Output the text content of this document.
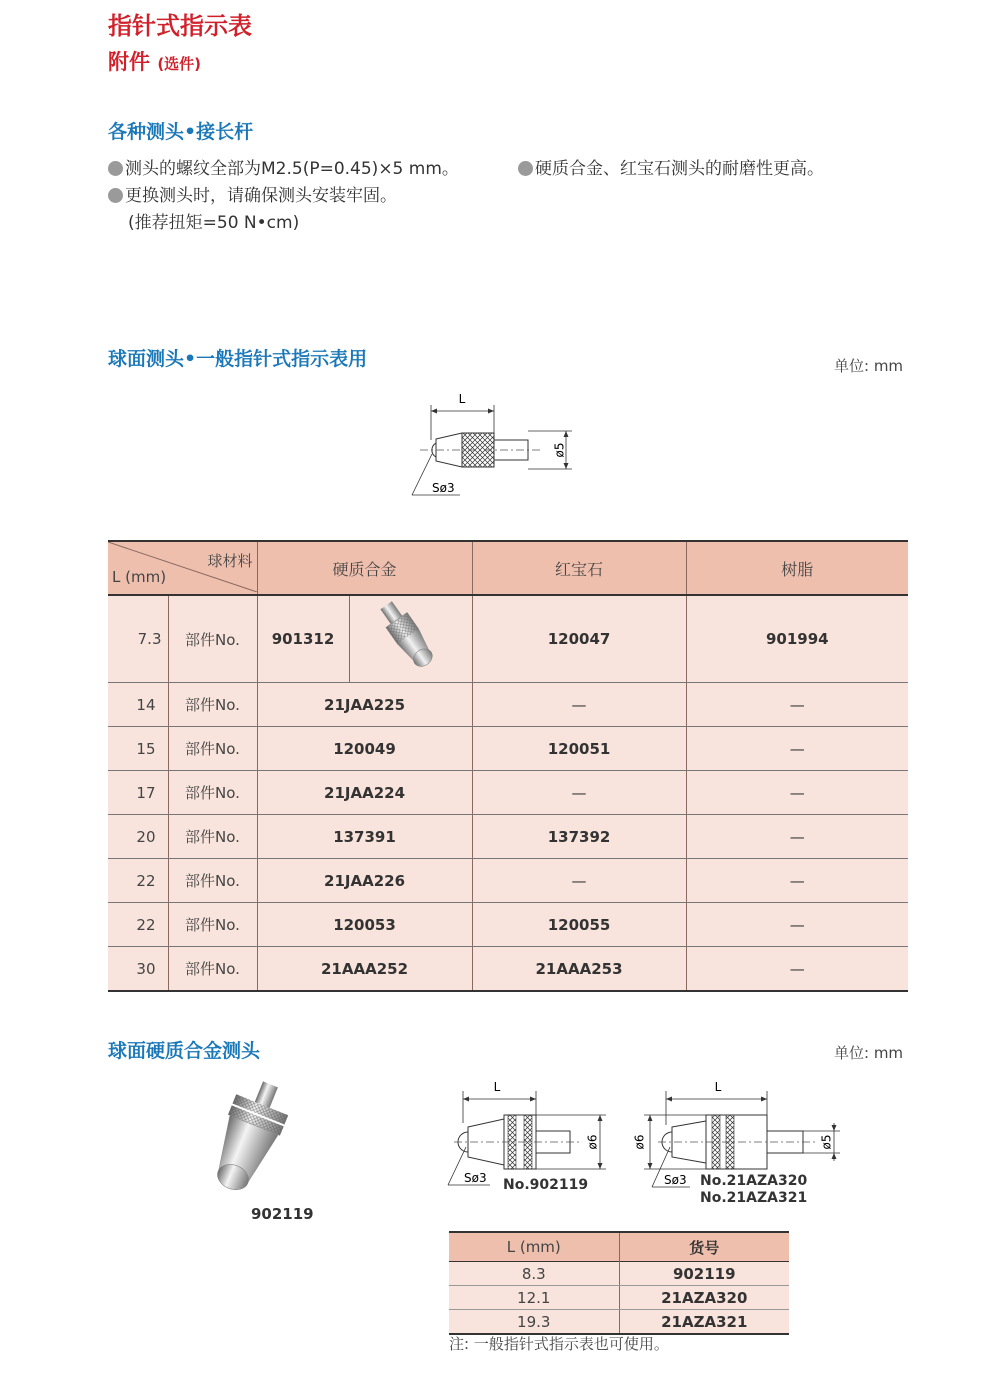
指针式指示表
附件 (选件)
各种测头•接长杆
测头的螺纹全部为M2.5(P=0.45)×5 mm。
更换测头时，请确保测头安装牢固。
(推荐扭矩=50 N•cm)
硬质合金、红宝石测头的耐磨性更高。
球面测头•一般指针式指示表用	单位: mm
L
ø5
Sø3
球材料
L (mm)		硬质合金		红宝石	树脂
7.3	部件No.	901312		120047	901994
14	部件No.	21JAA225		—	—
15	部件No.	120049		120051	—
17	部件No.	21JAA224		—	—
20	部件No.	137391		137392	—
22	部件No.	21JAA226		—	—
22	部件No.	120053		120055	—
30	部件No.	21AAA252		21AAA253	—
球面硬质合金测头	单位: mm
902119
L
ø6
Sø3 No.902119
L
ø6	ø5
Sø3 No.21AZA320
No.21AZA321
L (mm)	货号
8.3	902119
12.1	21AZA320
19.3	21AZA321
注: 一般指针式指示表也可使用。
